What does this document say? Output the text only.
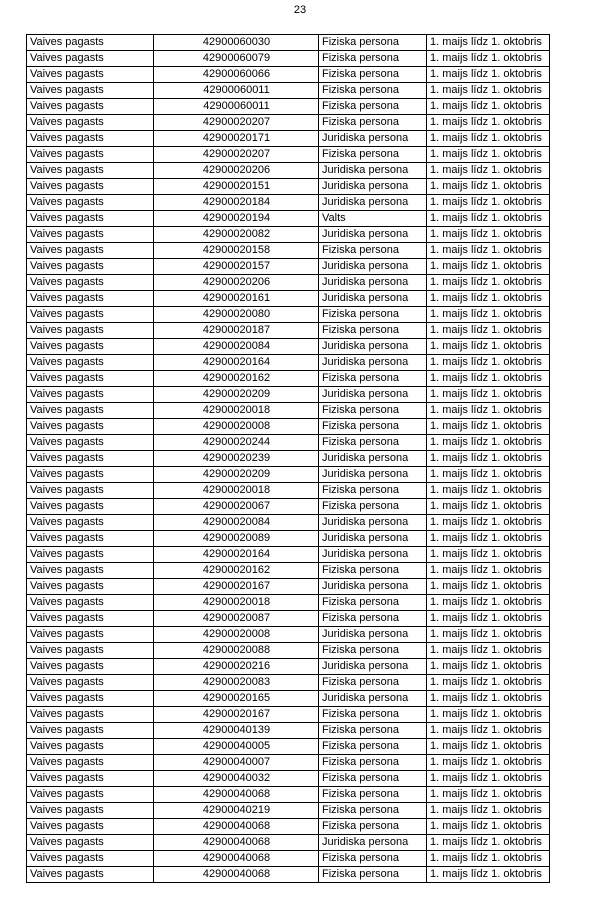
23
Vaives pagasts	42900060030	Fiziska persona	1. maijs līdz 1. oktobris
Vaives pagasts	42900060079	Fiziska persona	1. maijs līdz 1. oktobris
Vaives pagasts	42900060066	Fiziska persona	1. maijs līdz 1. oktobris
Vaives pagasts	42900060011	Fiziska persona	1. maijs līdz 1. oktobris
Vaives pagasts	42900060011	Fiziska persona	1. maijs līdz 1. oktobris
Vaives pagasts	42900020207	Fiziska persona	1. maijs līdz 1. oktobris
Vaives pagasts	42900020171	Juridiska persona	1. maijs līdz 1. oktobris
Vaives pagasts	42900020207	Fiziska persona	1. maijs līdz 1. oktobris
Vaives pagasts	42900020206	Juridiska persona	1. maijs līdz 1. oktobris
Vaives pagasts	42900020151	Juridiska persona	1. maijs līdz 1. oktobris
Vaives pagasts	42900020184	Juridiska persona	1. maijs līdz 1. oktobris
Vaives pagasts	42900020194	Valts	1. maijs līdz 1. oktobris
Vaives pagasts	42900020082	Juridiska persona	1. maijs līdz 1. oktobris
Vaives pagasts	42900020158	Fiziska persona	1. maijs līdz 1. oktobris
Vaives pagasts	42900020157	Juridiska persona	1. maijs līdz 1. oktobris
Vaives pagasts	42900020206	Juridiska persona	1. maijs līdz 1. oktobris
Vaives pagasts	42900020161	Juridiska persona	1. maijs līdz 1. oktobris
Vaives pagasts	42900020080	Fiziska persona	1. maijs līdz 1. oktobris
Vaives pagasts	42900020187	Fiziska persona	1. maijs līdz 1. oktobris
Vaives pagasts	42900020084	Juridiska persona	1. maijs līdz 1. oktobris
Vaives pagasts	42900020164	Juridiska persona	1. maijs līdz 1. oktobris
Vaives pagasts	42900020162	Fiziska persona	1. maijs līdz 1. oktobris
Vaives pagasts	42900020209	Juridiska persona	1. maijs līdz 1. oktobris
Vaives pagasts	42900020018	Fiziska persona	1. maijs līdz 1. oktobris
Vaives pagasts	42900020008	Fiziska persona	1. maijs līdz 1. oktobris
Vaives pagasts	42900020244	Fiziska persona	1. maijs līdz 1. oktobris
Vaives pagasts	42900020239	Juridiska persona	1. maijs līdz 1. oktobris
Vaives pagasts	42900020209	Juridiska persona	1. maijs līdz 1. oktobris
Vaives pagasts	42900020018	Fiziska persona	1. maijs līdz 1. oktobris
Vaives pagasts	42900020067	Fiziska persona	1. maijs līdz 1. oktobris
Vaives pagasts	42900020084	Juridiska persona	1. maijs līdz 1. oktobris
Vaives pagasts	42900020089	Juridiska persona	1. maijs līdz 1. oktobris
Vaives pagasts	42900020164	Juridiska persona	1. maijs līdz 1. oktobris
Vaives pagasts	42900020162	Fiziska persona	1. maijs līdz 1. oktobris
Vaives pagasts	42900020167	Juridiska persona	1. maijs līdz 1. oktobris
Vaives pagasts	42900020018	Fiziska persona	1. maijs līdz 1. oktobris
Vaives pagasts	42900020087	Fiziska persona	1. maijs līdz 1. oktobris
Vaives pagasts	42900020008	Juridiska persona	1. maijs līdz 1. oktobris
Vaives pagasts	42900020088	Fiziska persona	1. maijs līdz 1. oktobris
Vaives pagasts	42900020216	Juridiska persona	1. maijs līdz 1. oktobris
Vaives pagasts	42900020083	Fiziska persona	1. maijs līdz 1. oktobris
Vaives pagasts	42900020165	Juridiska persona	1. maijs līdz 1. oktobris
Vaives pagasts	42900020167	Fiziska persona	1. maijs līdz 1. oktobris
Vaives pagasts	42900040139	Fiziska persona	1. maijs līdz 1. oktobris
Vaives pagasts	42900040005	Fiziska persona	1. maijs līdz 1. oktobris
Vaives pagasts	42900040007	Fiziska persona	1. maijs līdz 1. oktobris
Vaives pagasts	42900040032	Fiziska persona	1. maijs līdz 1. oktobris
Vaives pagasts	42900040068	Fiziska persona	1. maijs līdz 1. oktobris
Vaives pagasts	42900040219	Fiziska persona	1. maijs līdz 1. oktobris
Vaives pagasts	42900040068	Fiziska persona	1. maijs līdz 1. oktobris
Vaives pagasts	42900040068	Juridiska persona	1. maijs līdz 1. oktobris
Vaives pagasts	42900040068	Fiziska persona	1. maijs līdz 1. oktobris
Vaives pagasts	42900040068	Fiziska persona	1. maijs līdz 1. oktobris
